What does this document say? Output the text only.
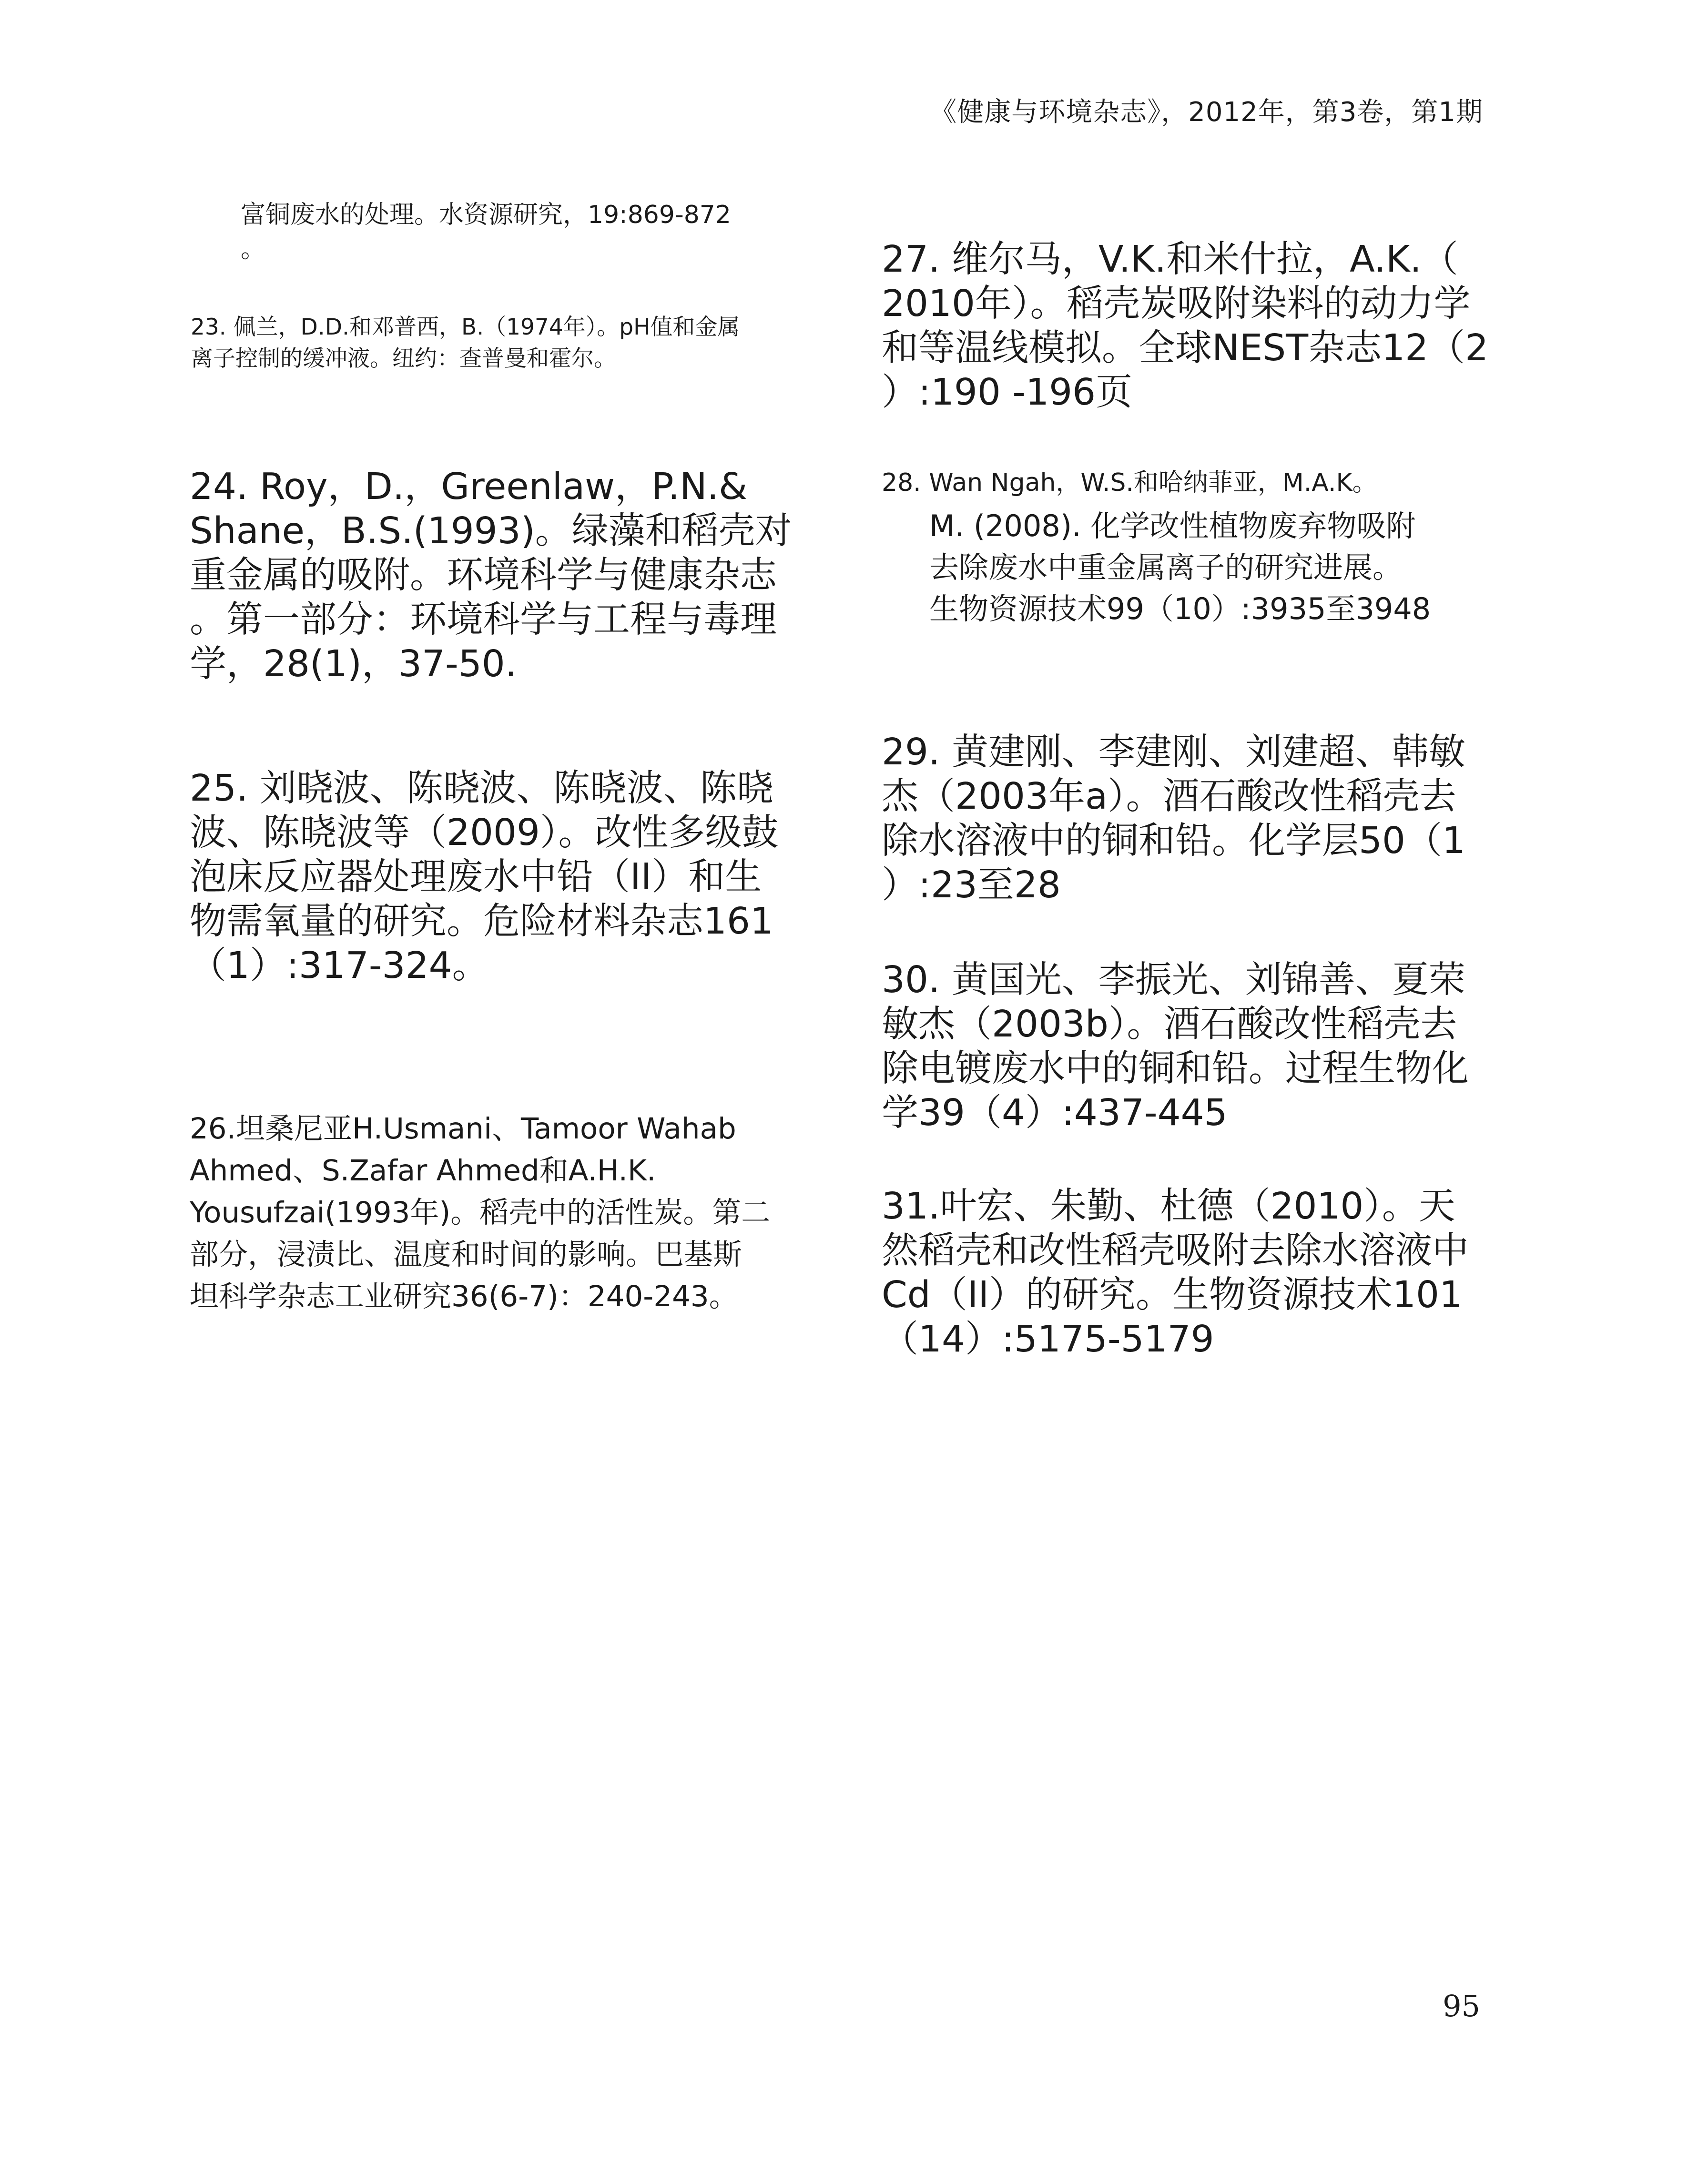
《健康与环境杂志》，2012年，第3卷，第1期
富铜废水的处理。水资源研究，19:869-872
。
23. 佩兰，D.D.和邓普西，B.（1974年）。pH值和金属
离子控制的缓冲液。纽约：查普曼和霍尔。
24. Roy，D.，Greenlaw，P.N.&
Shane，B.S.(1993)。绿藻和稻壳对
重金属的吸附。环境科学与健康杂志
。第一部分：环境科学与工程与毒理
学，28(1)，37-50.
25. 刘晓波、陈晓波、陈晓波、陈晓
波、陈晓波等（2009）。改性多级鼓
泡床反应器处理废水中铅（II）和生
物需氧量的研究。危险材料杂志161
（1）:317-324。
26.坦桑尼亚H.Usmani、Tamoor Wahab
Ahmed、S.Zafar Ahmed和A.H.K.
Yousufzai(1993年)。稻壳中的活性炭。第二
部分，浸渍比、温度和时间的影响。巴基斯
坦科学杂志工业研究36(6-7)：240-243。
27. 维尔马，V.K.和米什拉，A.K.（
2010年）。稻壳炭吸附染料的动力学
和等温线模拟。全球NEST杂志12（2
）:190 -196页
28. Wan Ngah，W.S.和哈纳菲亚，M.A.K。
M. (2008). 化学改性植物废弃物吸附
去除废水中重金属离子的研究进展。
生物资源技术99（10）:3935至3948
29. 黄建刚、李建刚、刘建超、韩敏
杰（2003年a）。酒石酸改性稻壳去
除水溶液中的铜和铅。化学层50（1
）:23至28
30. 黄国光、李振光、刘锦善、夏荣
敏杰（2003b）。酒石酸改性稻壳去
除电镀废水中的铜和铅。过程生物化
学39（4）:437-445
31.叶宏、朱勤、杜德（2010）。天
然稻壳和改性稻壳吸附去除水溶液中
Cd（II）的研究。生物资源技术101
（14）:5175-5179
95
